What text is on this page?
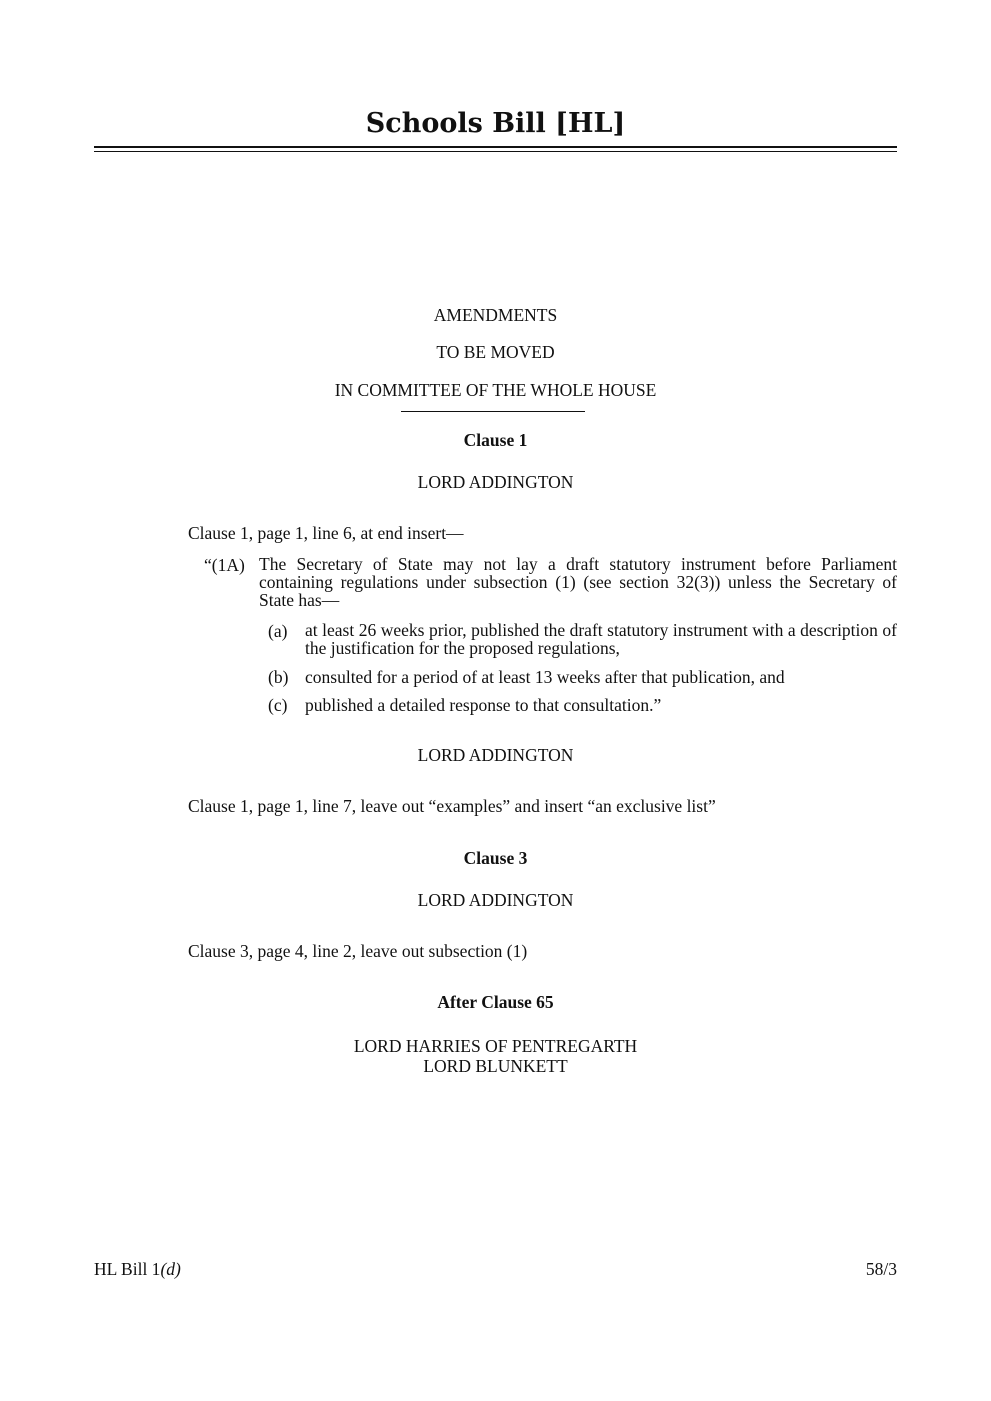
Schools Bill [HL]
AMENDMENTS
TO BE MOVED
IN COMMITTEE OF THE WHOLE HOUSE
Clause 1
LORD ADDINGTON
Clause 1, page 1, line 6, at end insert—
“(1A) The Secretary of State may not lay a draft statutory instrument before Parliament containing regulations under subsection (1) (see section 32(3)) unless the Secretary of State has—
(a) at least 26 weeks prior, published the draft statutory instrument with a description of the justification for the proposed regulations,
(b) consulted for a period of at least 13 weeks after that publication, and
(c) published a detailed response to that consultation.”
LORD ADDINGTON
Clause 1, page 1, line 7, leave out “examples” and insert “an exclusive list”
Clause 3
LORD ADDINGTON
Clause 3, page 4, line 2, leave out subsection (1)
After Clause 65
LORD HARRIES OF PENTREGARTH
LORD BLUNKETT
HL Bill 1(d)	58/3
